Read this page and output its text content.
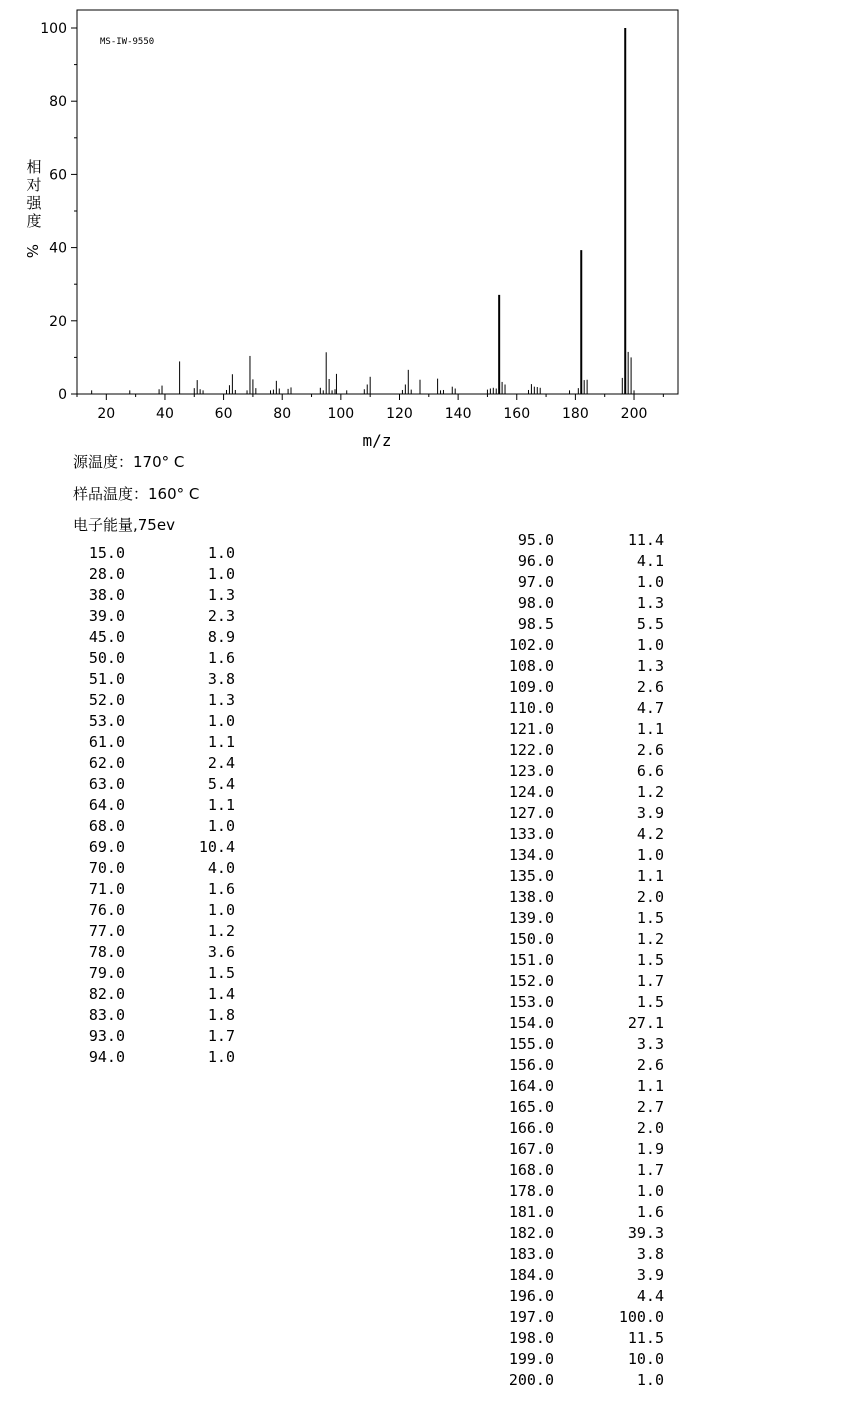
0
20
40
60
80
100
20	40	60	80	100 120 140 160 180 200
MS-IW-9550
m/z
相对强度%
源温度：170° C
样品温度：160° C
电子能量,75ev
15.0	1.0
28.0	1.0
38.0	1.3
39.0	2.3
45.0	8.9
50.0	1.6
51.0	3.8
52.0	1.3
53.0	1.0
61.0	1.1
62.0	2.4
63.0	5.4
64.0	1.1
68.0	1.0
69.0	10.4
70.0	4.0
71.0	1.6
76.0	1.0
77.0	1.2
78.0	3.6
79.0	1.5
82.0	1.4
83.0	1.8
93.0	1.7
94.0	1.0
95.0	11.4
96.0	4.1
97.0	1.0
98.0	1.3
98.5	5.5
102.0	1.0
108.0	1.3
109.0	2.6
110.0	4.7
121.0	1.1
122.0	2.6
123.0	6.6
124.0	1.2
127.0	3.9
133.0	4.2
134.0	1.0
135.0	1.1
138.0	2.0
139.0	1.5
150.0	1.2
151.0	1.5
152.0	1.7
153.0	1.5
154.0	27.1
155.0	3.3
156.0	2.6
164.0	1.1
165.0	2.7
166.0	2.0
167.0	1.9
168.0	1.7
178.0	1.0
181.0	1.6
182.0	39.3
183.0	3.8
184.0	3.9
196.0	4.4
197.0	100.0
198.0	11.5
199.0	10.0
200.0	1.0
